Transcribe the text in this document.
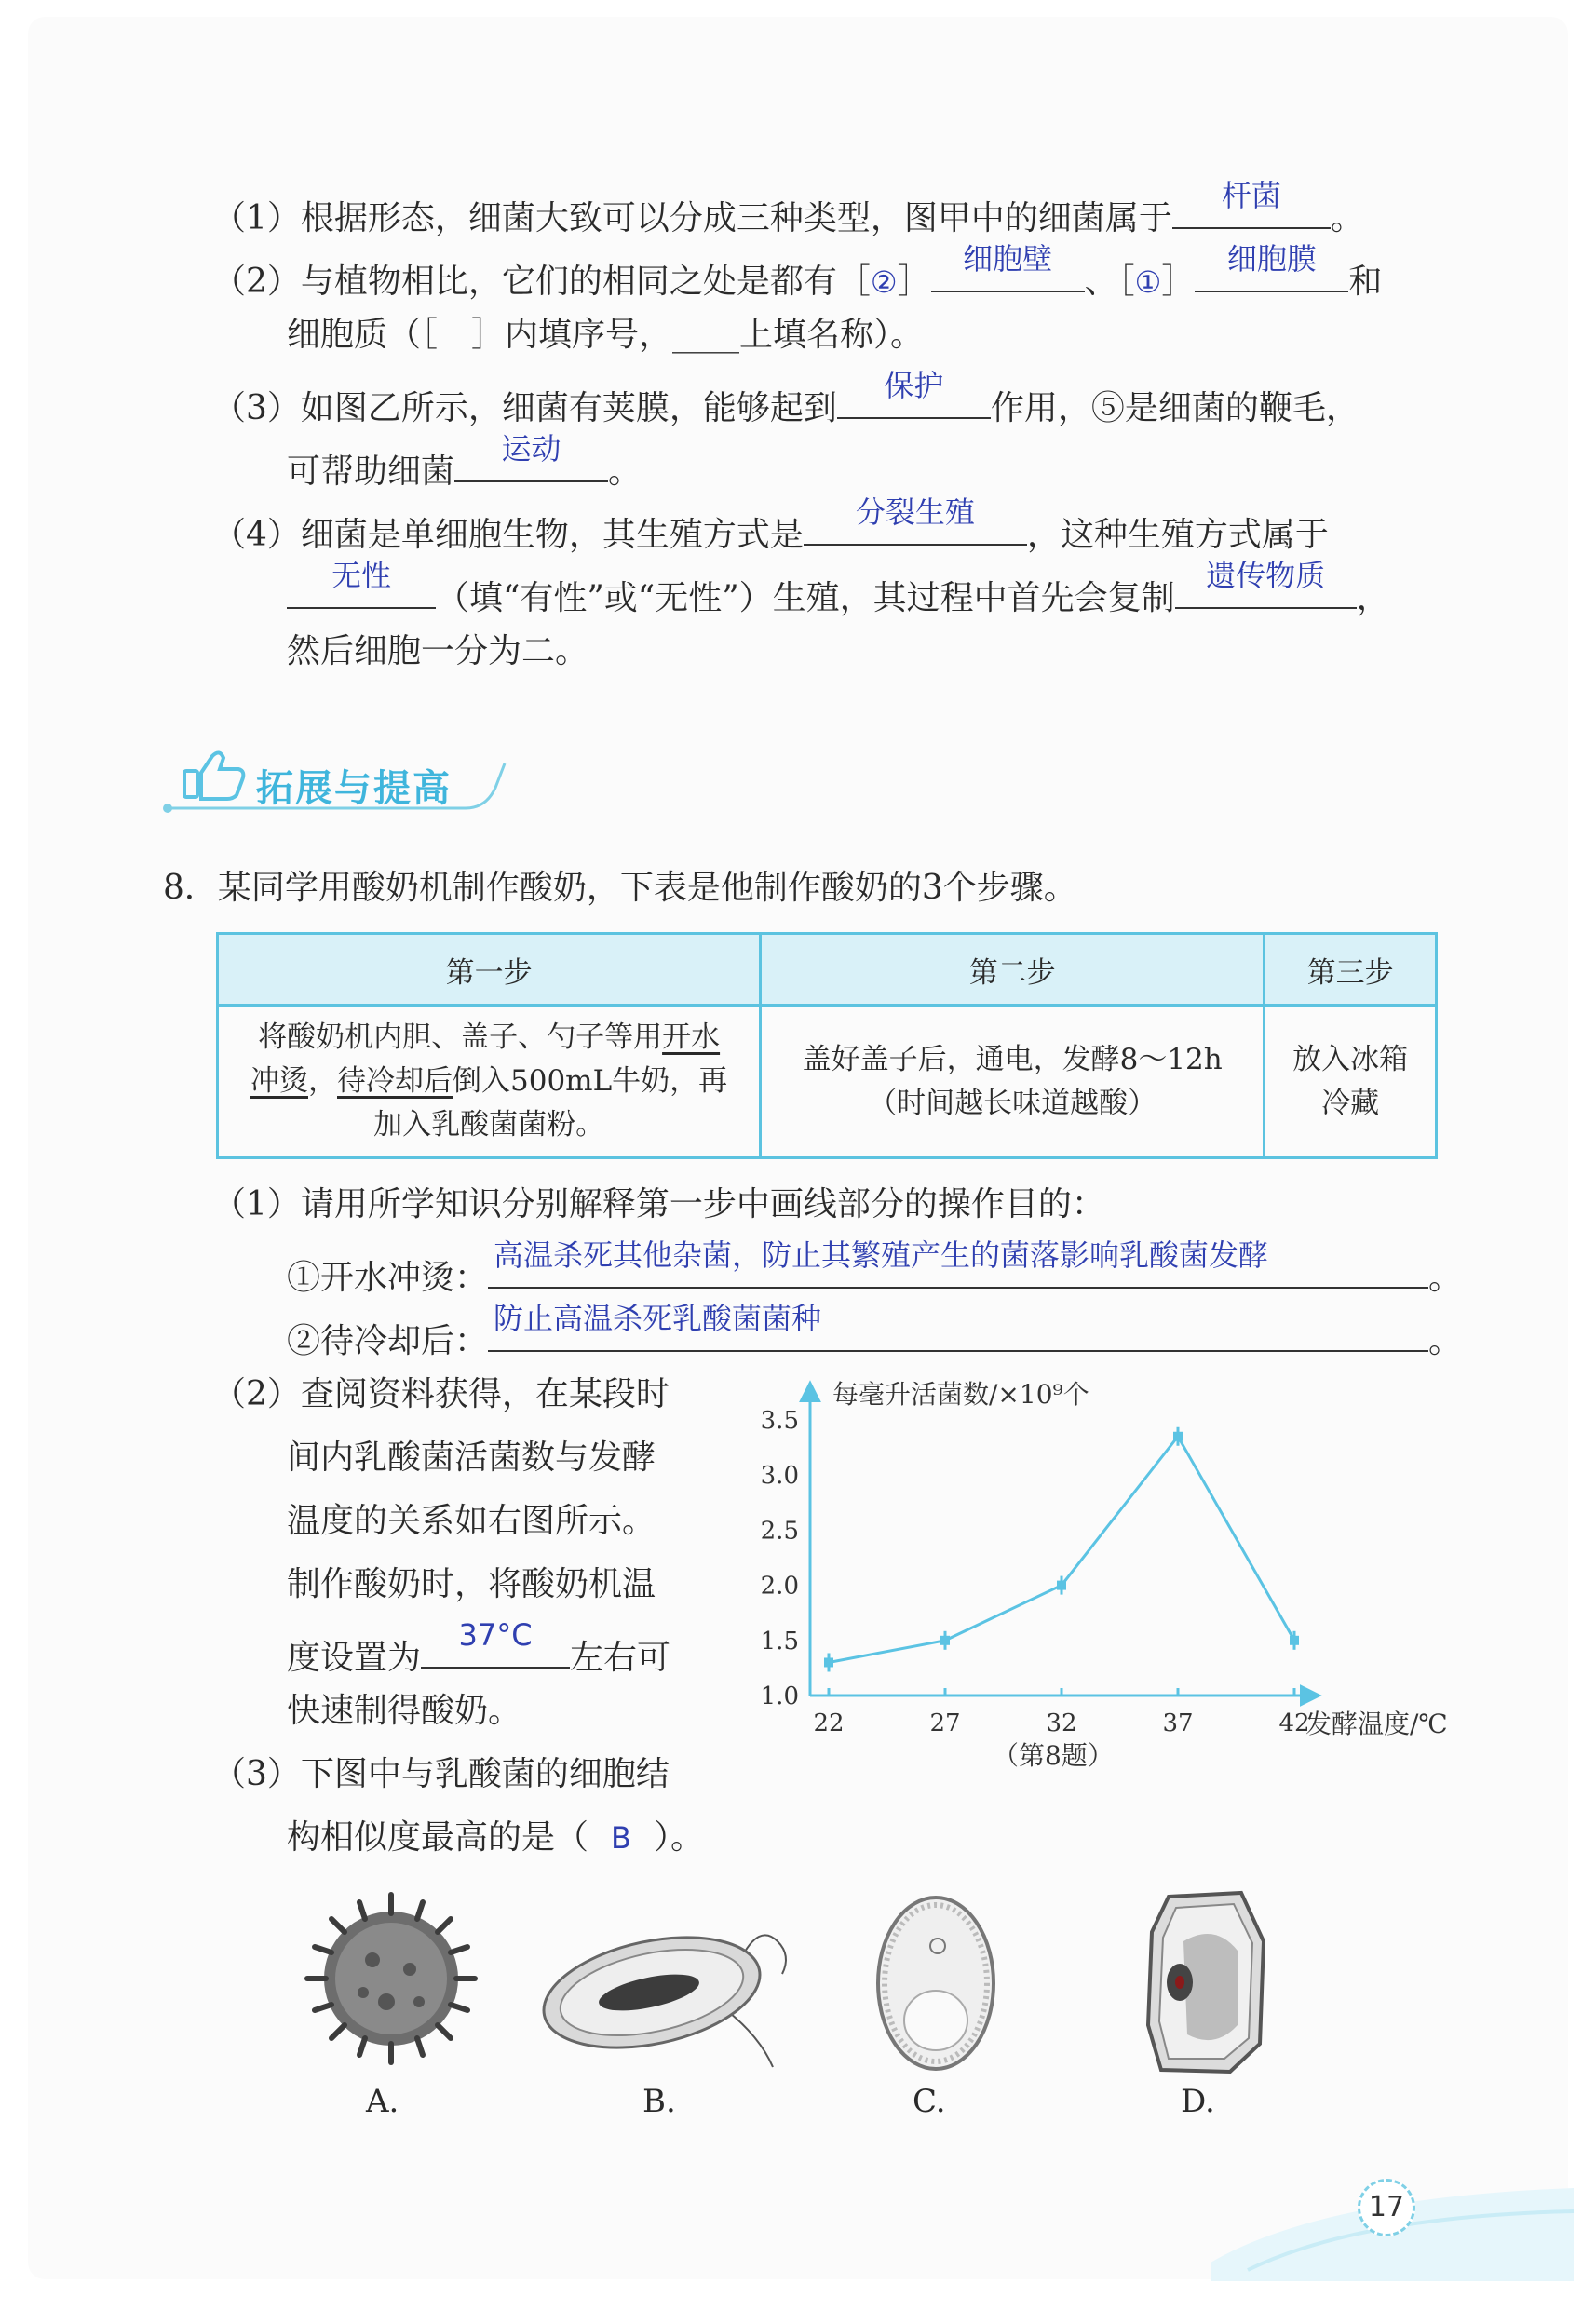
（1）根据形态，细菌大致可以分成三种类型，图甲中的细菌属于
杆菌
。
（2）与植物相比，它们的相同之处是都有［②］
细胞壁
、［①］
细胞膜
和
细胞质（［　］内填序号，____上填名称）。
（3）如图乙所示，细菌有荚膜，能够起到
保护
作用，⑤是细菌的鞭毛，
可帮助细菌
运动
。
（4）细菌是单细胞生物，其生殖方式是
分裂生殖
，这种生殖方式属于
无性
（填“有性”或“无性”）生殖，其过程中首先会复制
遗传物质
，
然后细胞一分为二。
拓展与提高
8．某同学用酸奶机制作酸奶，下表是他制作酸奶的3个步骤。
第一步	第二步	第三步
将酸奶机内胆、盖子、勺子等用开水
冲烫，待冷却后倒入500mL牛奶，再
加入乳酸菌菌粉。	盖好盖子后，通电，发酵8～12h
（时间越长味道越酸）	放入冰箱
冷藏
（1）请用所学知识分别解释第一步中画线部分的操作目的：
①开水冲烫：
高温杀死其他杂菌，防止其繁殖产生的菌落影响乳酸菌发酵
。
②待冷却后：
防止高温杀死乳酸菌菌种
。
（2）查阅资料获得，在某段时
间内乳酸菌活菌数与发酵
温度的关系如右图所示。
制作酸奶时，将酸奶机温
度设置为
37°C
左右可
快速制得酸奶。
（3）下图中与乳酸菌的细胞结
构相似度最高的是（ B ）。
每毫升活菌数/×10⁹个
发酵温度/℃
（第8题）
1.0
1.5
2.0
2.5
3.0
3.5
22	27	32	37	42
A.	B.	C.	D.
17
